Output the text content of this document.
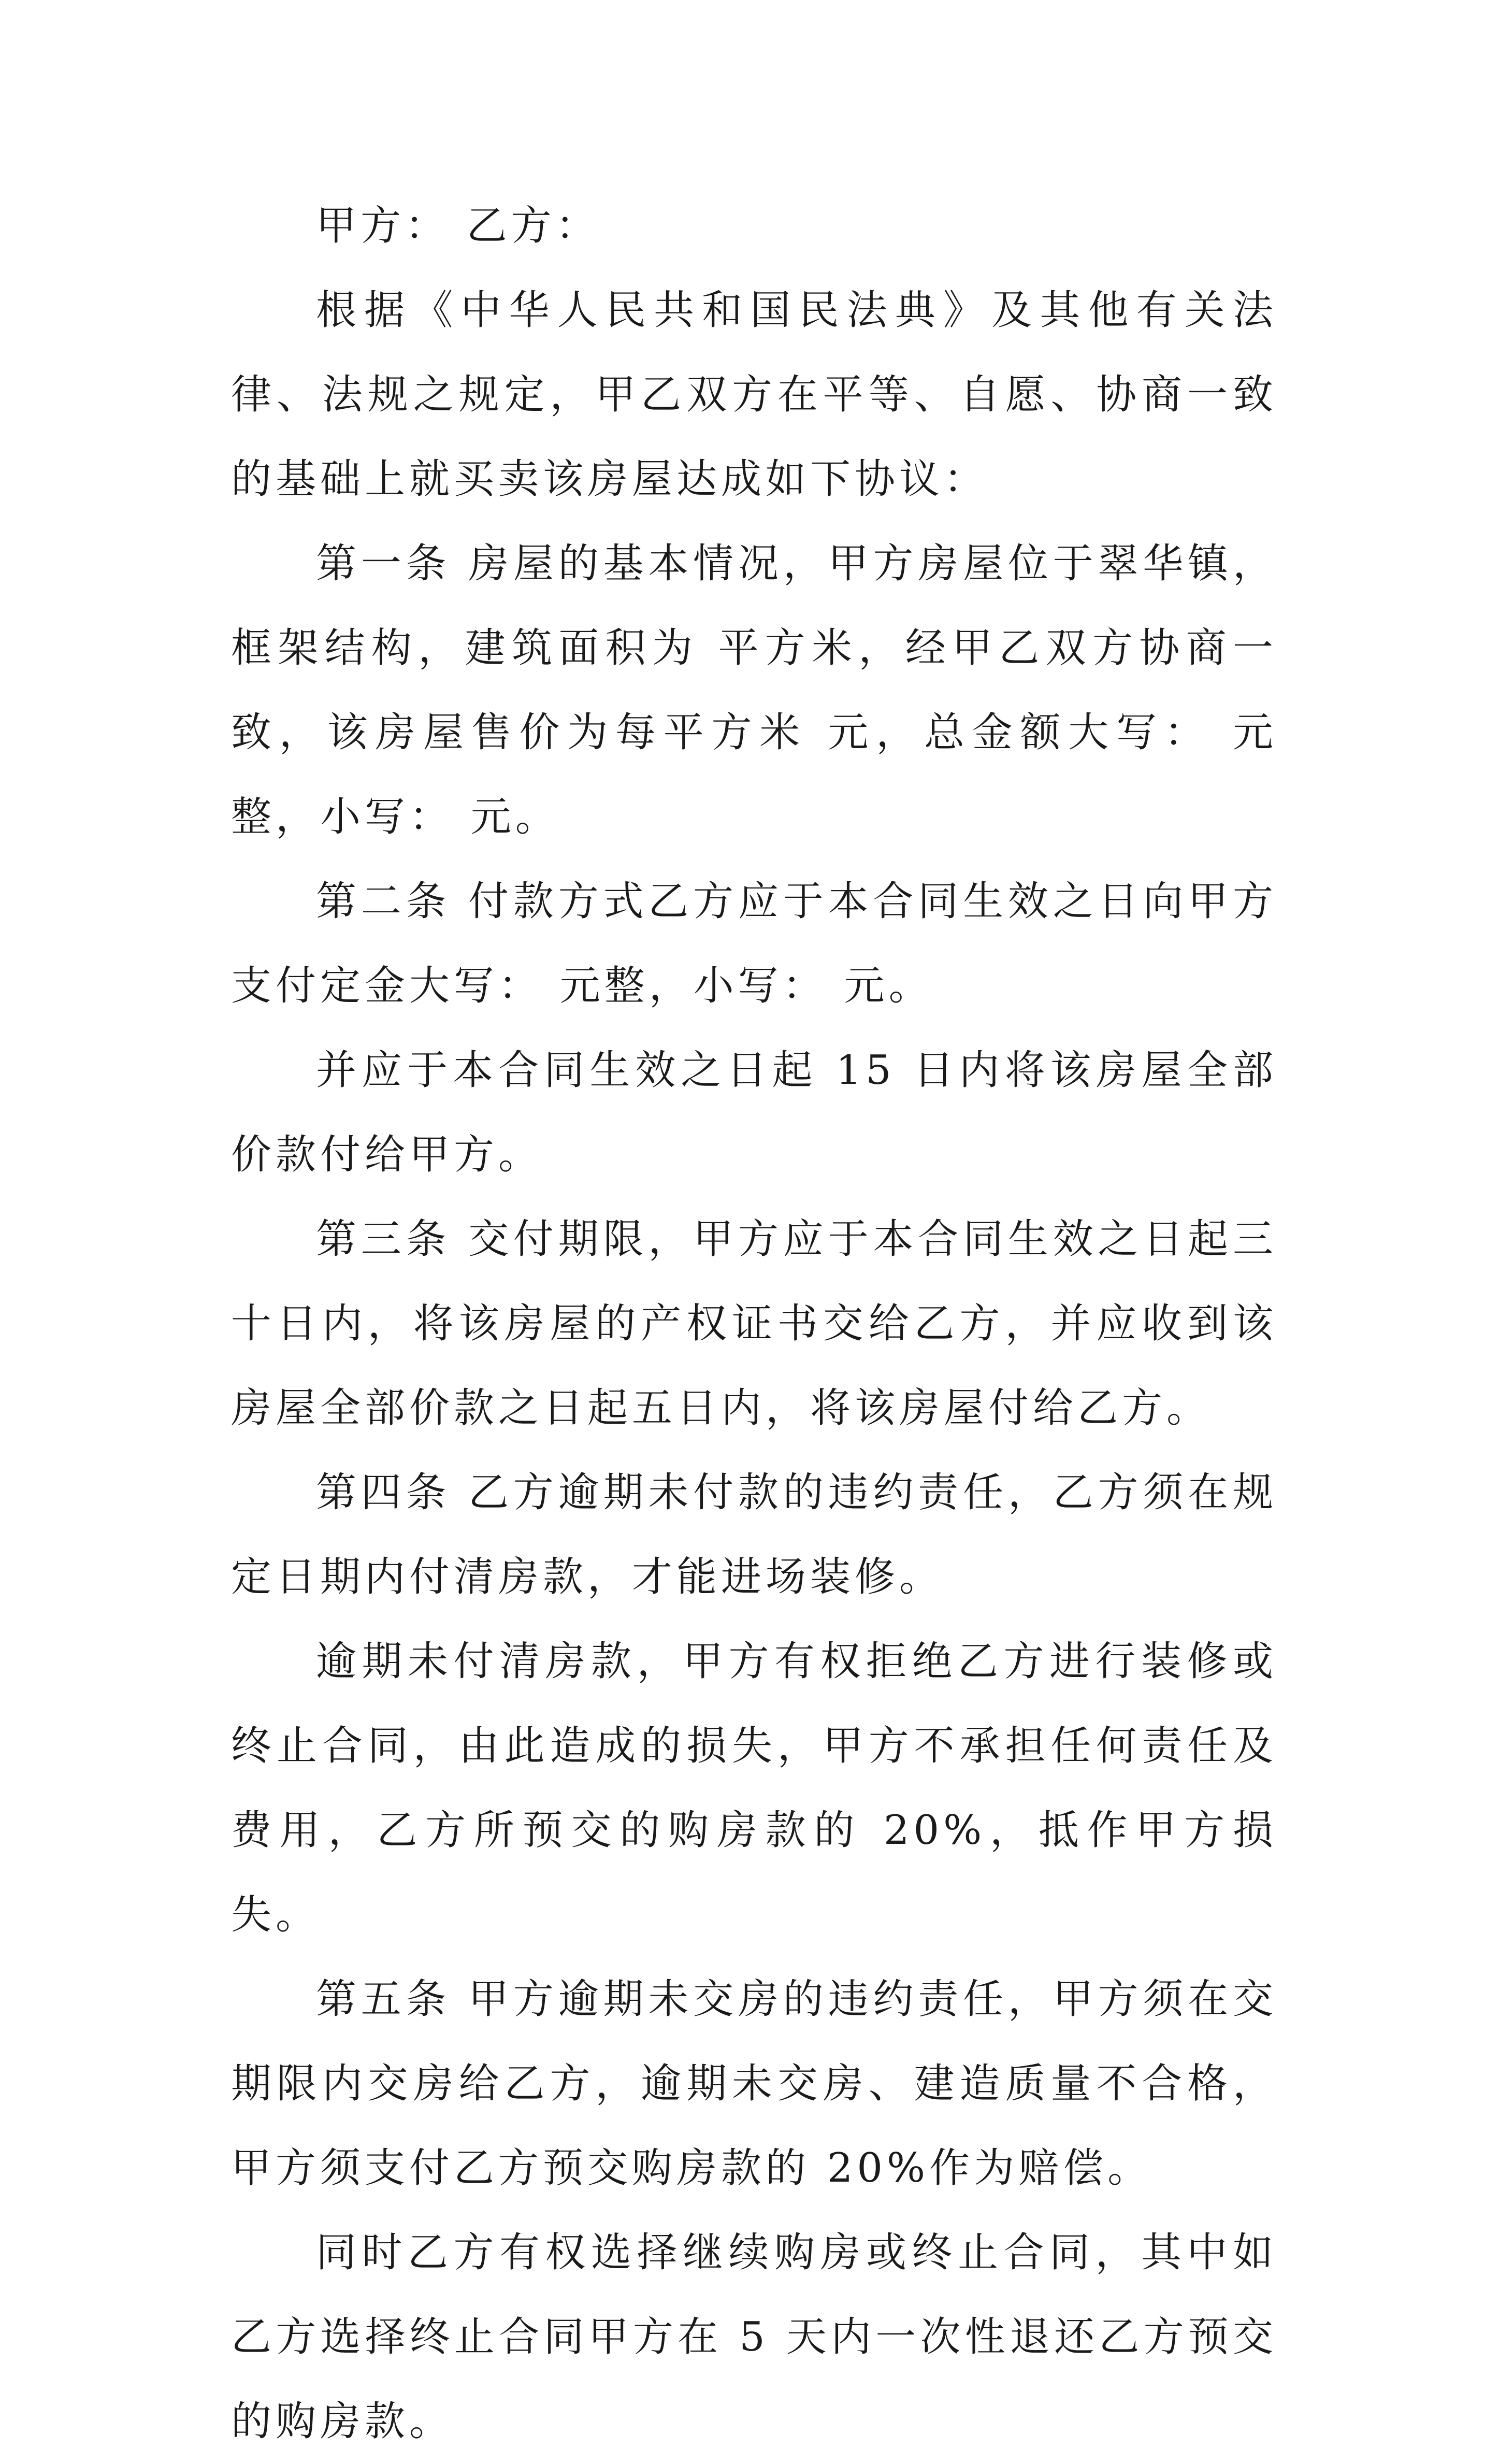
甲方： 乙方：

根据《中华人民共和国民法典》及其他有关法律、法规之规定，甲乙双方在平等、自愿、协商一致的基础上就买卖该房屋达成如下协议：

第一条 房屋的基本情况，甲方房屋位于翠华镇，框架结构，建筑面积为 平方米，经甲乙双方协商一致，该房屋售价为每平方米 元，总金额大写： 元整，小写： 元。

第二条 付款方式乙方应于本合同生效之日向甲方支付定金大写： 元整，小写： 元。

并应于本合同生效之日起 15 日内将该房屋全部价款付给甲方。

第三条 交付期限，甲方应于本合同生效之日起三十日内，将该房屋的产权证书交给乙方，并应收到该房屋全部价款之日起五日内，将该房屋付给乙方。

第四条 乙方逾期未付款的违约责任，乙方须在规定日期内付清房款，才能进场装修。

逾期未付清房款，甲方有权拒绝乙方进行装修或终止合同，由此造成的损失，甲方不承担任何责任及费用，乙方所预交的购房款的 20%，抵作甲方损失。

第五条 甲方逾期未交房的违约责任，甲方须在交期限内交房给乙方，逾期未交房、建造质量不合格，甲方须支付乙方预交购房款的 20%作为赔偿。

同时乙方有权选择继续购房或终止合同，其中如乙方选择终止合同甲方在 5 天内一次性退还乙方预交的购房款。
